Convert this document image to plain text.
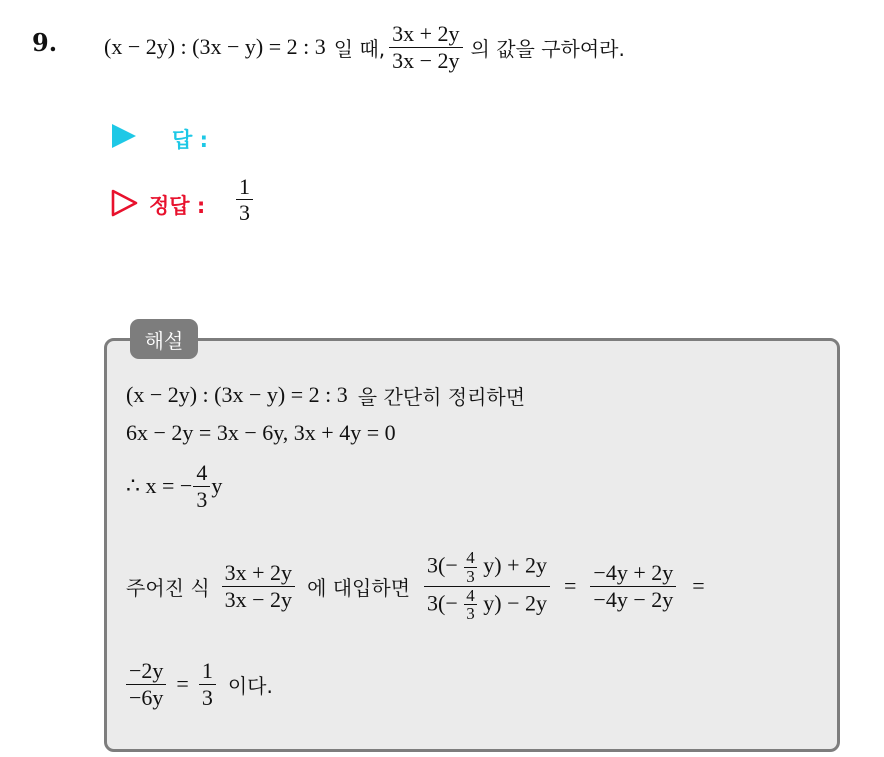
9. (x − 2y) : (3x − y) = 2 : 3 일 때, $\frac{3x + 2y}{3x - 2y}$ 의 값을 구하여라.
답 :
정답 : $\frac{1}{3}$
해설
(x − 2y) : (3x − y) = 2 : 3 을 간단히 정리하면
6x − 2y = 3x − 6y, 3x + 4y = 0
∴ x = − $\frac{4}{3}$ y
주어진 식 $\frac{3x + 2y}{3x - 2y}$ 에 대입하면 $\frac{3(- \frac{4}{3} y) + 2y}{3(- \frac{4}{3} y) - 2y} = \frac{-4y + 2y}{-4y - 2y}$ =
$\frac{-2y}{-6y} = \frac{1}{3}$ 이다.
